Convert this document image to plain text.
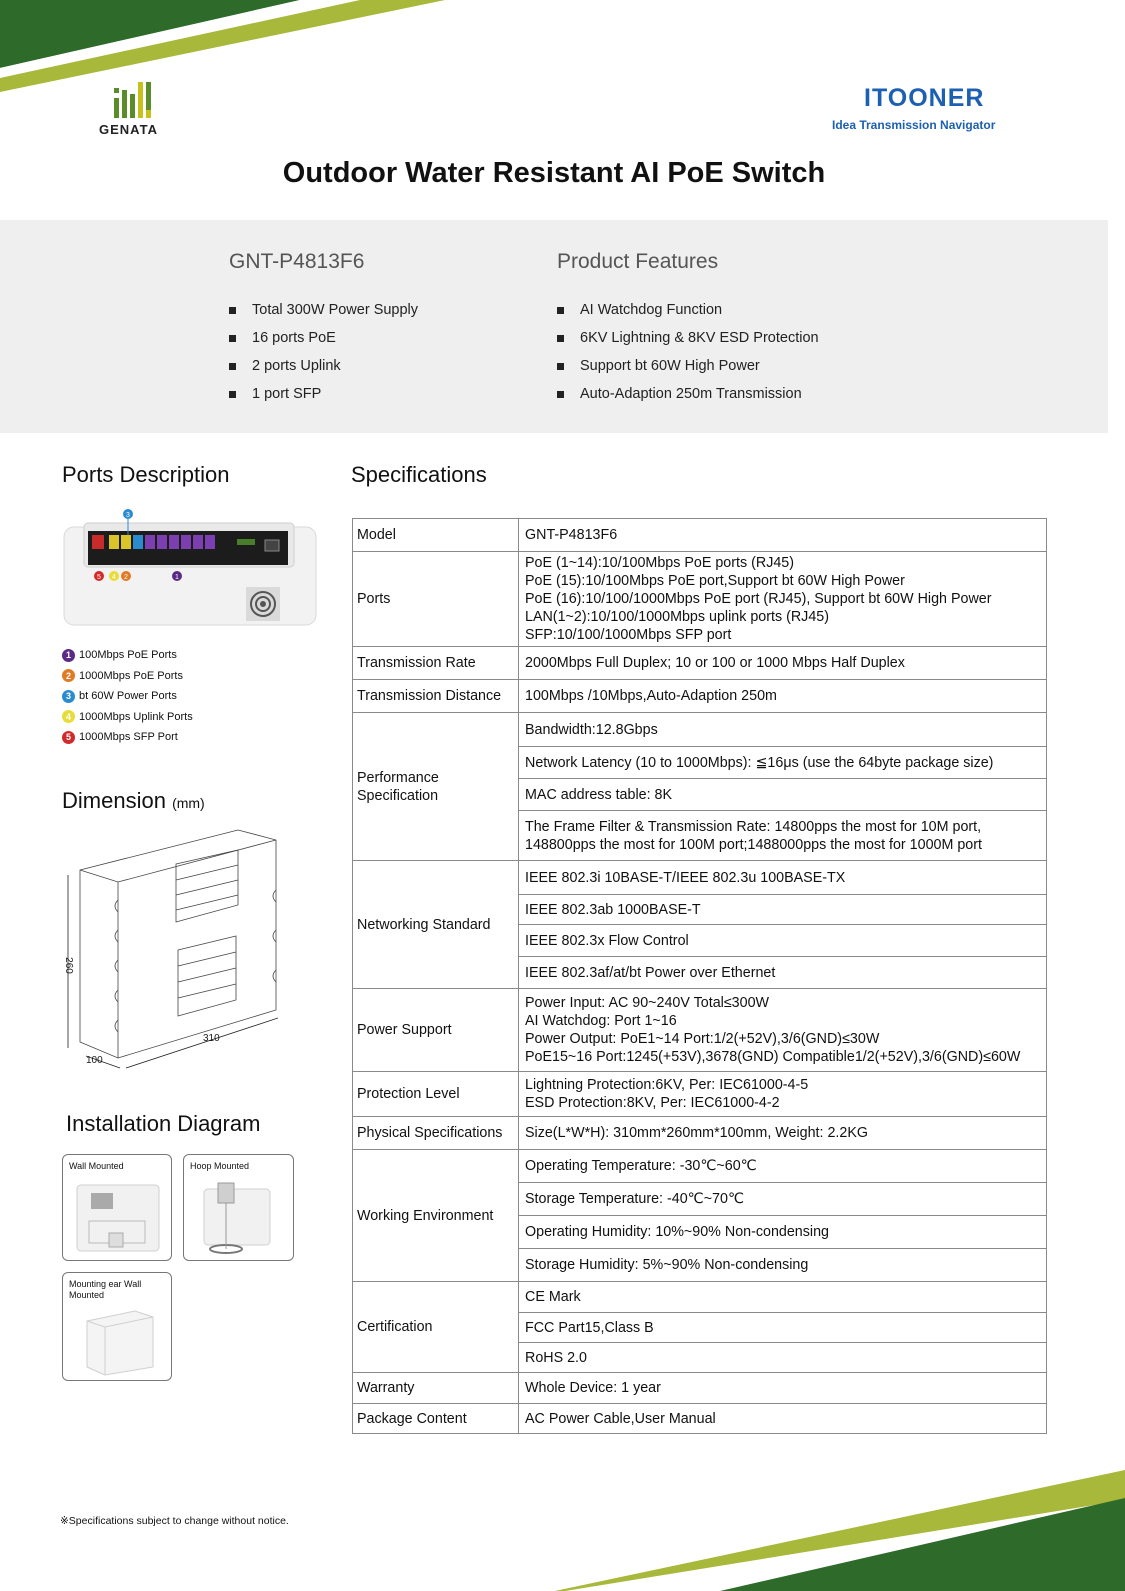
GENATA
ITOONER
Idea Transmission Navigator
Outdoor Water Resistant AI PoE Switch
GNT-P4813F6
Total 300W Power Supply
16 ports PoE
2 ports Uplink
1 port SFP
Product Features
AI Watchdog Function
6KV Lightning & 8KV ESD Protection
Support bt 60W High Power
Auto-Adaption 250m Transmission
Ports Description
3
5 4 2	1
1 100Mbps PoE Ports
2 1000Mbps PoE Ports
3 bt 60W Power Ports
4 1000Mbps Uplink Ports
5 1000Mbps SFP Port
Dimension (mm)
260
310
100
Installation Diagram
Wall Mounted	Hoop Mounted
Mounting ear Wall Mounted
Specifications
Model	GNT-P4813F6

Ports	PoE (1~14):10/100Mbps PoE ports (RJ45)
PoE (15):10/100Mbps PoE port,Support bt 60W High Power
PoE (16):10/100/1000Mbps PoE port (RJ45), Support bt 60W High Power
LAN(1~2):10/100/1000Mbps uplink ports (RJ45)
SFP:10/100/1000Mbps SFP port

Transmission Rate	2000Mbps Full Duplex; 10 or 100 or 1000 Mbps Half Duplex

Transmission Distance	100Mbps /10Mbps,Auto-Adaption 250m

Performance Specification	Bandwidth:12.8Gbps

	Network Latency (10 to 1000Mbps): ≦16μs (use the 64byte package size)

	MAC address table: 8K

	The Frame Filter & Transmission Rate: 14800pps the most for 10M port,
148800pps the most for 100M port;1488000pps the most for 1000M port

Networking Standard	IEEE 802.3i 10BASE-T/IEEE 802.3u 100BASE-TX

	IEEE 802.3ab 1000BASE-T

	IEEE 802.3x Flow Control

	IEEE 802.3af/at/bt Power over Ethernet

Power Support	Power Input: AC 90~240V Total≤300W
AI Watchdog: Port 1~16
Power Output: PoE1~14 Port:1/2(+52V),3/6(GND)≤30W
PoE15~16 Port:1245(+53V),3678(GND) Compatible1/2(+52V),3/6(GND)≤60W

Protection Level	Lightning Protection:6KV, Per: IEC61000-4-5
ESD Protection:8KV, Per: IEC61000-4-2

Physical Specifications	Size(L*W*H): 310mm*260mm*100mm, Weight: 2.2KG

Working Environment	Operating Temperature: -30℃~60℃

	Storage Temperature: -40℃~70℃

	Operating Humidity: 10%~90% Non-condensing

	Storage Humidity: 5%~90% Non-condensing

Certification	CE Mark

	FCC Part15,Class B

	RoHS 2.0

Warranty	Whole Device: 1 year

Package Content	AC Power Cable,User Manual
※Specifications subject to change without notice.
